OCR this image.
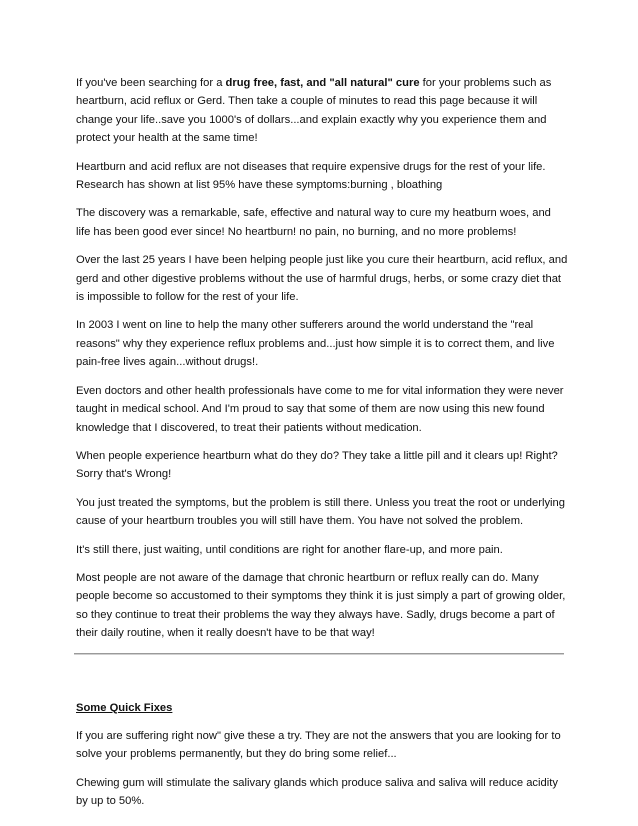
If you've been searching for a drug free, fast, and "all natural" cure for your problems such as heartburn, acid reflux or Gerd. Then take a couple of minutes to read this page because it will change your life..save you 1000's of dollars...and explain exactly why you experience them and protect your health at the same time!

Heartburn and acid reflux are not diseases that require expensive drugs for the rest of your life. Research has shown at list 95% have these symptoms:burning , bloathing

The discovery was a remarkable, safe, effective and natural way to cure my heatburn woes, and life has been good ever since! No heartburn! no pain, no burning, and no more problems!

Over the last 25 years I have been helping people just like you cure their heartburn, acid reflux, and gerd and other digestive problems without the use of harmful drugs, herbs, or some crazy diet that is impossible to follow for the rest of your life.

In 2003 I went on line to help the many other sufferers around the world understand the "real reasons" why they experience reflux problems and...just how simple it is to correct them, and live pain-free lives again...without drugs!.

Even doctors and other health professionals have come to me for vital information they were never taught in medical school. And I'm proud to say that some of them are now using this new found knowledge that I discovered, to treat their patients without medication.

When people experience heartburn what do they do? They take a little pill and it clears up! Right? Sorry that's Wrong!

You just treated the symptoms, but the problem is still there. Unless you treat the root or underlying cause of your heartburn troubles you will still have them. You have not solved the problem.

It's still there, just waiting, until conditions are right for another flare-up, and more pain.

Most people are not aware of the damage that chronic heartburn or reflux really can do. Many people become so accustomed to their symptoms they think it is just simply a part of growing older, so they continue to treat their problems the way they always have. Sadly, drugs become a part of their daily routine, when it really doesn't have to be that way!

Some Quick Fixes

If you are suffering right now" give these a try. They are not the answers that you are looking for to solve your problems permanently, but they do bring some relief...

Chewing gum will stimulate the salivary glands which produce saliva and saliva will reduce acidity by up to 50%.
